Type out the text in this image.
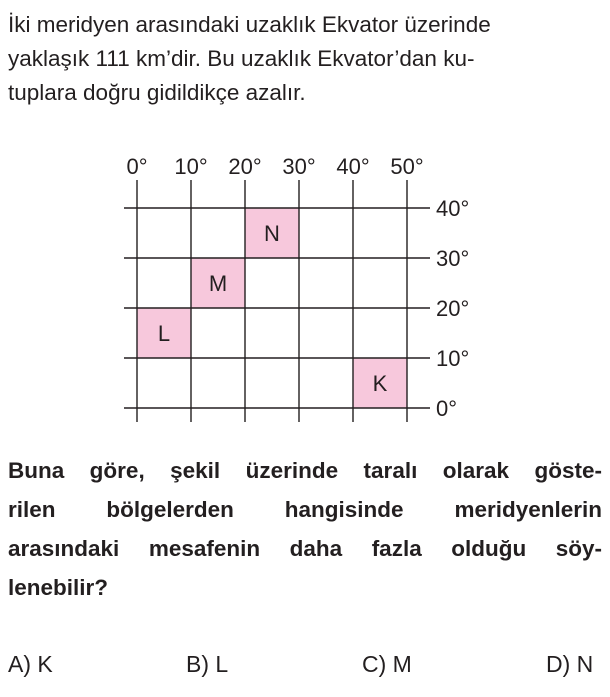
İki meridyen arasındaki uzaklık Ekvator üzerinde
yaklaşık 111 km’dir. Bu uzaklık Ekvator’dan ku-
tuplara doğru gidildikçe azalır.
0° 10° 20° 30° 40° 50°
40°
30°
20°
10°
0°
N
M
L
K
Buna göre, şekil üzerinde taralı olarak göste-
rilen bölgelerden hangisinde meridyenlerin
arasındaki mesafenin daha fazla olduğu söy-
lenebilir?
A) K	B) L	C) M	D) N
